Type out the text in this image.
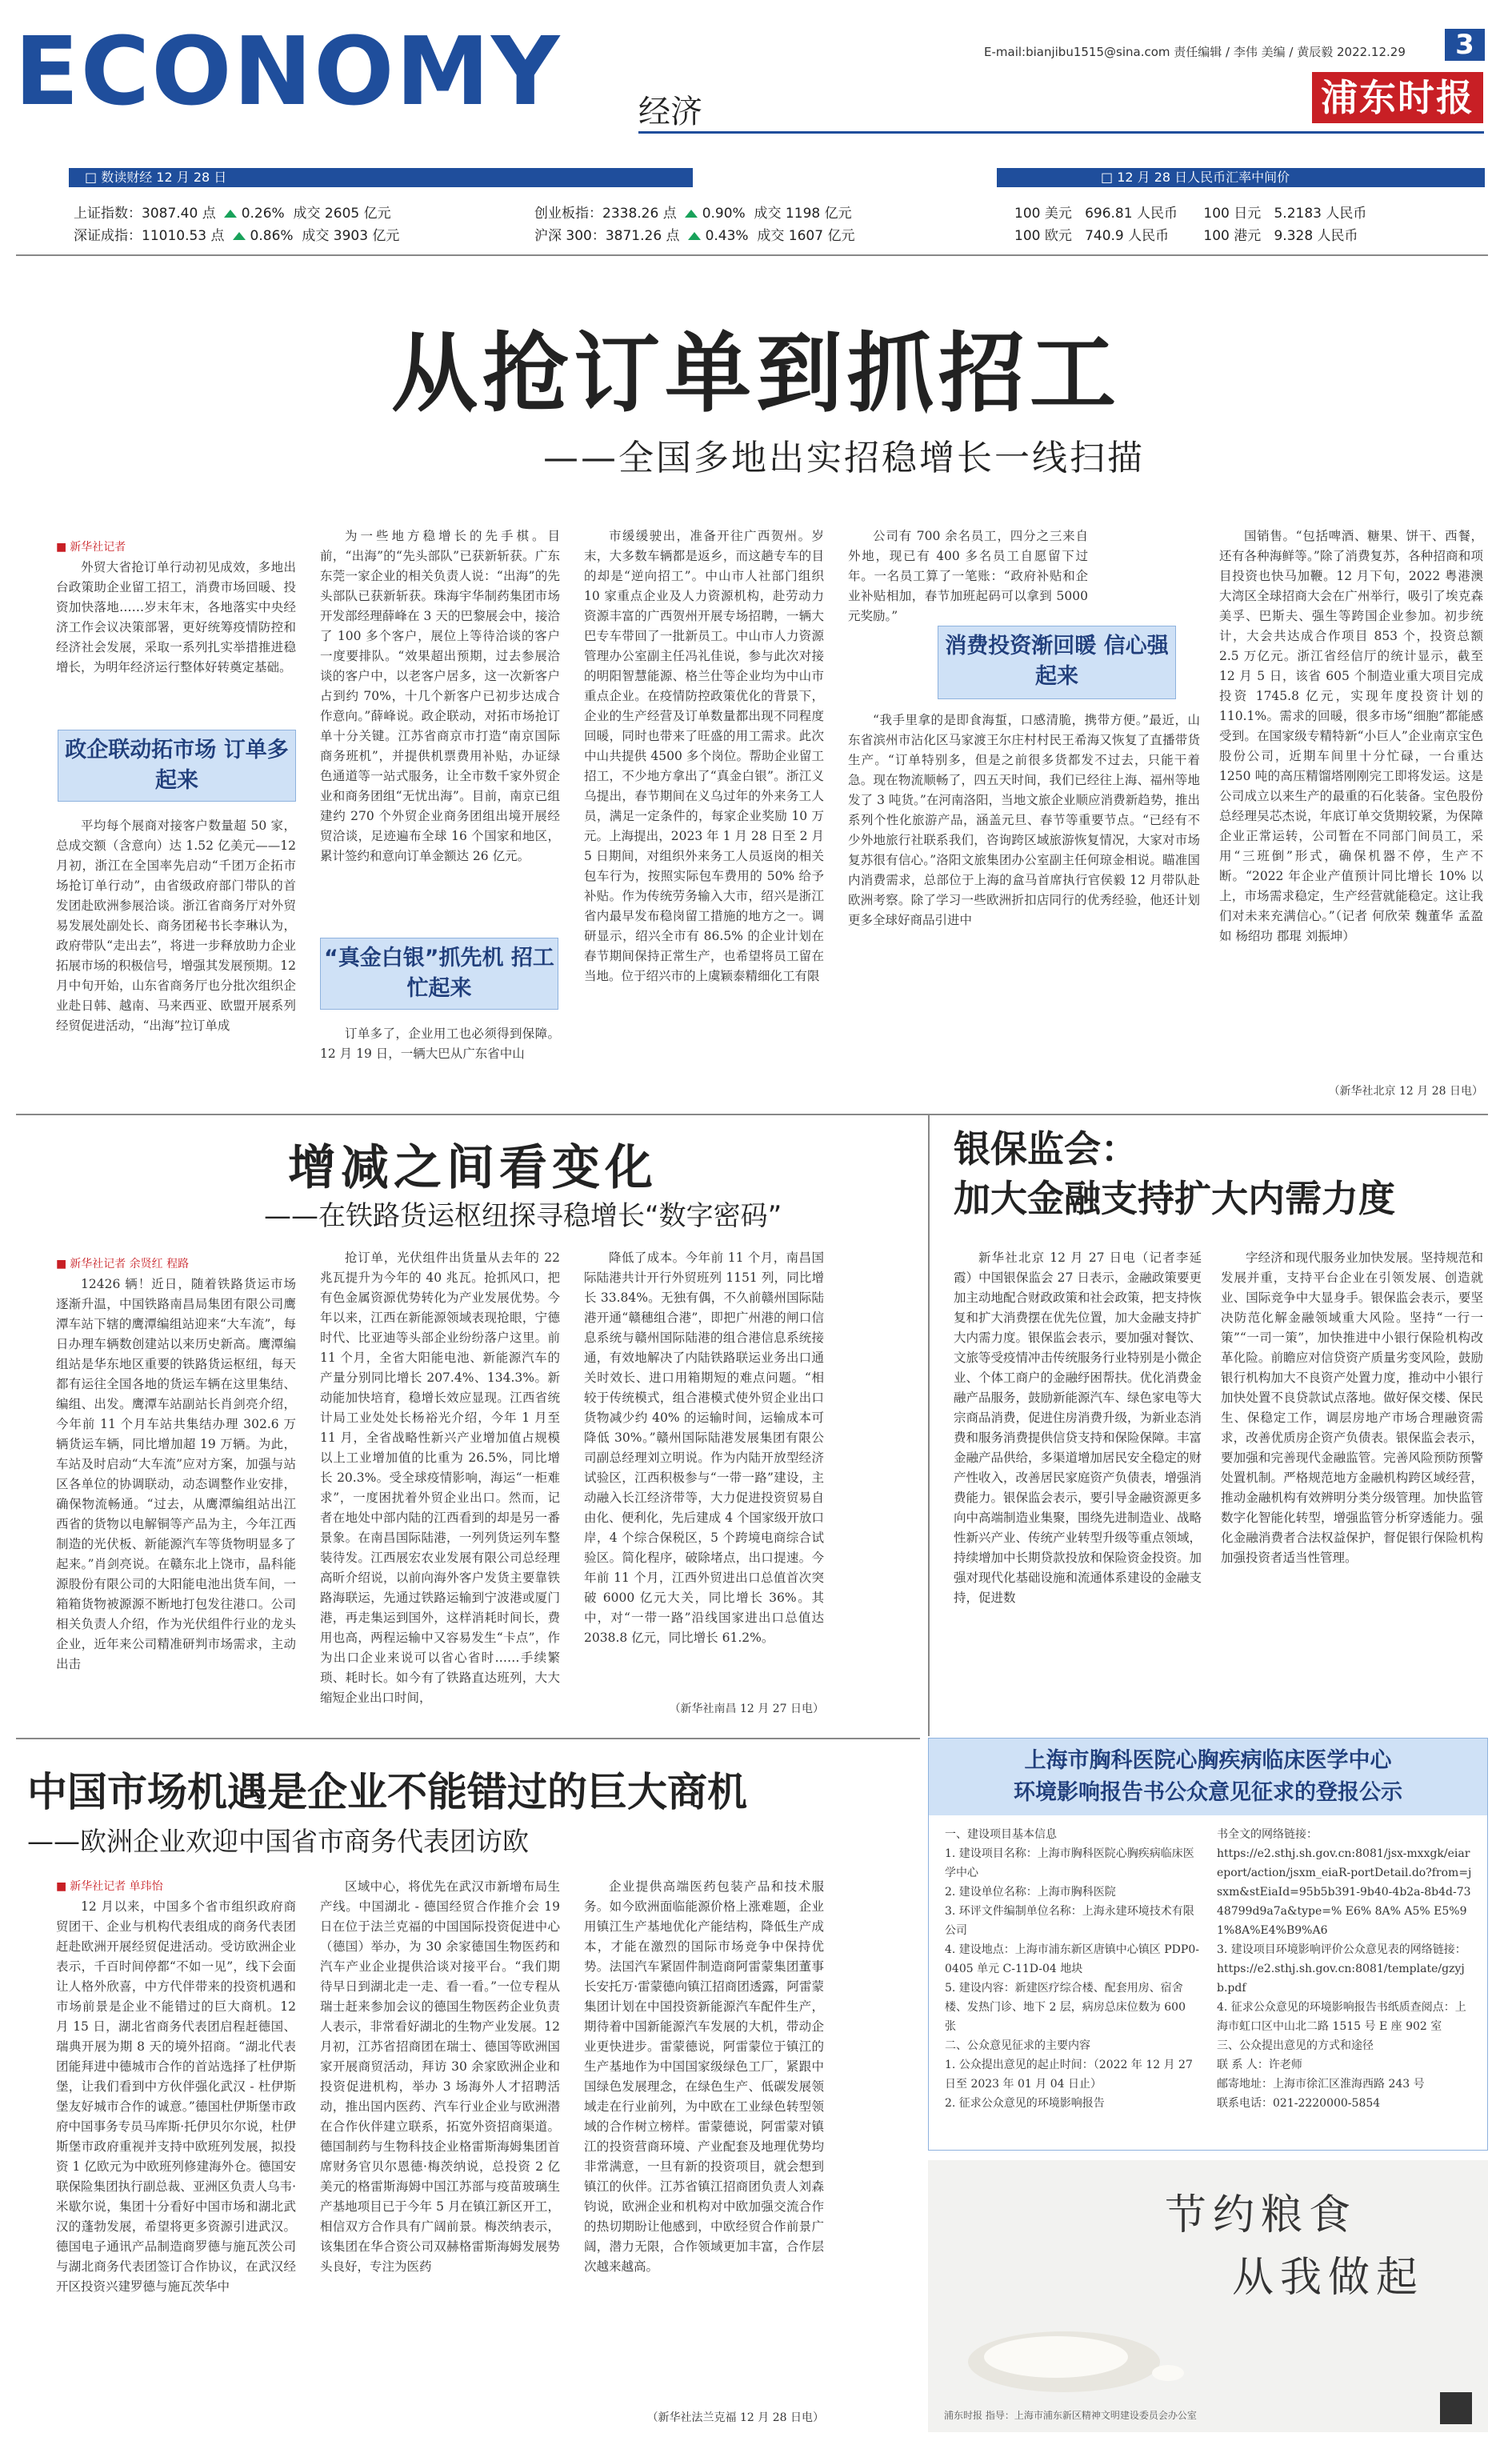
ECONOMY 经济
E-mail:bianjibu1515@sina.com 责任编辑 / 李伟 美编 / 黄辰毅 2022.12.29	3
浦东时报
□ 数读财经 12 月 28 日	□ 12 月 28 日人民币汇率中间价
上证指数：3087.40 点 0.26% 成交 2605 亿元
深证成指：11010.53 点 0.86% 成交 3903 亿元
创业板指：2338.26 点 0.90% 成交 1198 亿元
沪深 300：3871.26 点 0.43% 成交 1607 亿元
100 美元 696.81 人民币 100 日元 5.2183 人民币
100 欧元 740.9 人民币	100 港元 9.328 人民币
从抢订单到抓招工
——全国多地出实招稳增长一线扫描
■ 新华社记者

外贸大省抢订单行动初见成效，多地出台政策助企业留工招工，消费市场回暖、投资加快落地……岁末年末，各地落实中央经济工作会议决策部署，更好统筹疫情防控和经济社会发展，采取一系列扎实举措推进稳增长，为明年经济运行整体好转奠定基础。

政企联动拓市场 订单多起来

平均每个展商对接客户数量超 50 家，总成交额（含意向）达 1.52 亿美元——12 月初，浙江在全国率先启动“千团万企拓市场抢订单行动”，由省级政府部门带队的首发团赴欧洲参展洽谈。浙江省商务厅对外贸易发展处副处长、商务团秘书长李琳认为，政府带队“走出去”，将进一步释放助力企业拓展市场的积极信号，增强其发展预期。12 月中旬开始，山东省商务厅也分批次组织企业赴日韩、越南、马来西亚、欧盟开展系列经贸促进活动，“出海”拉订单成

为一些地方稳增长的先手棋。目前，“出海”的“先头部队”已获新斩获。广东东莞一家企业的相关负责人说：“出海”的先头部队已获新斩获。珠海宇华制药集团市场开发部经理薛峰在 3 天的巴黎展会中，接洽了 100 多个客户，展位上等待洽谈的客户一度要排队。“效果超出预期，过去参展洽谈的客户中，以老客户居多，这一次新客户占到约 70%，十几个新客户已初步达成合作意向。”薛峰说。政企联动，对拓市场抢订单十分关键。江苏省商京市打造“南京国际商务班机”，并提供机票费用补贴，办证绿色通道等一站式服务，让全市数千家外贸企业和商务团组“无忧出海”。目前，南京已组建约 270 个外贸企业商务团组出境开展经贸洽谈，足迹遍布全球 16 个国家和地区，累计签约和意向订单金额达 26 亿元。

“真金白银”抓先机 招工忙起来

订单多了，企业用工也必须得到保障。12 月 19 日，一辆大巴从广东省中山

市缓缓驶出，准备开往广西贺州。岁末，大多数车辆都是返乡，而这趟专车的目的却是“逆向招工”。中山市人社部门组织 10 家重点企业及人力资源机构，赴劳动力资源丰富的广西贺州开展专场招聘，一辆大巴专车带回了一批新员工。中山市人力资源管理办公室副主任冯礼佳说，参与此次对接的明阳智慧能源、格兰仕等企业均为中山市重点企业。在疫情防控政策优化的背景下，企业的生产经营及订单数量都出现不同程度回暖，同时也带来了旺盛的用工需求。此次中山共提供 4500 多个岗位。帮助企业留工招工，不少地方拿出了“真金白银”。浙江义乌提出，春节期间在义乌过年的外来务工人员，满足一定条件的，每家企业奖励 10 万元。上海提出，2023 年 1 月 28 日至 2 月 5 日期间，对组织外来务工人员返岗的相关包车行为，按照实际包车费用的 50% 给予补贴。作为传统劳务输入大市，绍兴是浙江省内最早发布稳岗留工措施的地方之一。调研显示，绍兴全市有 86.5% 的企业计划在春节期间保持正常生产，也希望将员工留在当地。位于绍兴市的上虞颖泰精细化工有限

公司有 700 余名员工，四分之三来自外地，现已有 400 多名员工自愿留下过年。一名员工算了一笔账：“政府补贴和企业补贴相加，春节加班起码可以拿到 5000 元奖励。”

消费投资渐回暖 信心强起来

“我手里拿的是即食海蜇，口感清脆，携带方便。”最近，山东省滨州市沾化区马家渡王尔庄村村民王希海又恢复了直播带货生产。“订单特别多，但是之前很多货都发不过去，只能干着急。现在物流顺畅了，四五天时间，我们已经往上海、福州等地发了 3 吨货。”在河南洛阳，当地文旅企业顺应消费新趋势，推出系列个性化旅游产品，涵盖元旦、春节等重要节点。“已经有不少外地旅行社联系我们，咨询跨区域旅游恢复情况，大家对市场复苏很有信心。”洛阳文旅集团办公室副主任何琼金相说。瞄准国内消费需求，总部位于上海的盒马首席执行官侯毅 12 月带队赴欧洲考察。除了学习一些欧洲折扣店同行的优秀经验，他还计划更多全球好商品引进中

国销售。“包括啤酒、糖果、饼干、西餐，还有各种海鲜等。”除了消费复苏，各种招商和项目投资也快马加鞭。12 月下旬，2022 粤港澳大湾区全球招商大会在广州举行，吸引了埃克森美孚、巴斯夫、强生等跨国企业参加。初步统计，大会共达成合作项目 853 个，投资总额 2.5 万亿元。浙江省经信厅的统计显示，截至 12 月 5 日，该省 605 个制造业重大项目完成投资 1745.8 亿元，实现年度投资计划的 110.1%。需求的回暖，很多市场“细胞”都能感受到。在国家级专精特新“小巨人”企业南京宝色股份公司，近期车间里十分忙碌，一台重达 1250 吨的高压精馏塔刚刚完工即将发运。这是公司成立以来生产的最重的石化装备。宝色股份总经理吴芯杰说，年底订单交货期较紧，为保障企业正常运转，公司暂在不同部门间员工，采用“三班倒”形式，确保机器不停，生产不断。“2022 年企业产值预计同比增长 10% 以上，市场需求稳定，生产经营就能稳定。这让我们对未来充满信心。”（记者 何欣荣 魏董华 孟盈如 杨绍功 郡琨 刘振坤）

（新华社北京 12 月 28 日电）
增减之间看变化
——在铁路货运枢纽探寻稳增长“数字密码”
■ 新华社记者 余贤红 程路

12426 辆！近日，随着铁路货运市场逐渐升温，中国铁路南昌局集团有限公司鹰潭车站下辖的鹰潭编组站迎来“大车流”，每日办理车辆数创建站以来历史新高。鹰潭编组站是华东地区重要的铁路货运枢纽，每天都有运往全国各地的货运车辆在这里集结、编组、出发。鹰潭车站副站长肖剑亮介绍，今年前 11 个月车站共集结办理 302.6 万辆货运车辆，同比增加超 19 万辆。为此，车站及时启动“大车流”应对方案，加强与站区各单位的协调联动，动态调整作业安排，确保物流畅通。“过去，从鹰潭编组站出江西省的货物以电解铜等产品为主，今年江西制造的光伏板、新能源汽车等货物明显多了起来。”肖剑亮说。在赣东北上饶市，晶科能源股份有限公司的大阳能电池出货车间，一箱箱货物被源源不断地打包发往港口。公司相关负责人介绍，作为光伏组件行业的龙头企业，近年来公司精准研判市场需求，主动出击

抢订单，光伏组件出货量从去年的 22 兆瓦提升为今年的 40 兆瓦。抢抓风口，把有色金属资源优势转化为产业发展优势。今年以来，江西在新能源领域表现抢眼，宁德时代、比亚迪等头部企业纷纷落户这里。前 11 个月，全省大阳能电池、新能源汽车的产量分别同比增长 207.4%、134.3%。新动能加快培育，稳增长效应显现。江西省统计局工业处处长杨裕光介绍，今年 1 月至 11 月，全省战略性新兴产业增加值占规模以上工业增加值的比重为 26.5%，同比增长 20.3%。受全球疫情影响，海运“一柜难求”，一度困扰着外贸企业出口。然而，记者在地处中部内陆的江西看到的却是另一番景象。在南昌国际陆港，一列列货运列车整装待发。江西展宏农业发展有限公司总经理高昕介绍说，以前向海外客户发货主要靠铁路海联运，先通过铁路运输到宁波港或厦门港，再走集运到国外，这样消耗时间长，费用也高，两程运输中又容易发生“卡点”，作为出口企业来说可以省心省时……手续繁琐、耗时长。如今有了铁路直达班列，大大缩短企业出口时间，

降低了成本。今年前 11 个月，南昌国际陆港共计开行外贸班列 1151 列，同比增长 33.84%。无独有偶，不久前赣州国际陆港开通“赣穗组合港”，即把广州港的闸口信息系统与赣州国际陆港的组合港信息系统接通，有效地解决了内陆铁路联运业务出口通关时效长、进口用箱期短的难点问题。“相较于传统模式，组合港模式使外贸企业出口货物减少约 40% 的运输时间，运输成本可降低 30%。”赣州国际陆港发展集团有限公司副总经理刘立明说。作为内陆开放型经济试验区，江西积极参与“一带一路”建设，主动融入长江经济带等，大力促进投资贸易自由化、便利化，先后建成 4 个国家级开放口岸，4 个综合保税区，5 个跨境电商综合试验区。简化程序，破除堵点，出口提速。今年前 11 个月，江西外贸进出口总值首次突破 6000 亿元大关，同比增长 36%。其中，对“一带一路”沿线国家进出口总值达 2038.8 亿元，同比增长 61.2%。

（新华社南昌 12 月 27 日电）
银保监会：
加大金融支持扩大内需力度

新华社北京 12 月 27 日电（记者李延霞）中国银保监会 27 日表示，金融政策要更加主动地配合财政政策和社会政策，把支持恢复和扩大消费摆在优先位置，加大金融支持扩大内需力度。银保监会表示，要加强对餐饮、文旅等受疫情冲击传统服务行业特别是小微企业、个体工商户的金融纾困帮扶。优化消费金融产品服务，鼓励新能源汽车、绿色家电等大宗商品消费，促进住房消费升级，为新业态消费和服务消费提供信贷支持和保险保障。丰富金融产品供给，多渠道增加居民安全稳定的财产性收入，改善居民家庭资产负债表，增强消费能力。银保监会表示，要引导金融资源更多向中高端制造业集聚，围绕先进制造业、战略性新兴产业、传统产业转型升级等重点领域，持续增加中长期贷款投放和保险资金投资。加强对现代化基础设施和流通体系建设的金融支持，促进数

字经济和现代服务业加快发展。坚持规范和发展并重，支持平台企业在引领发展、创造就业、国际竞争中大显身手。银保监会表示，要坚决防范化解金融领域重大风险。坚持“一行一策”“一司一策”，加快推进中小银行保险机构改革化险。前瞻应对信贷资产质量劣变风险，鼓励银行机构加大不良资产处置力度，推动中小银行加快处置不良贷款试点落地。做好保交楼、保民生、保稳定工作，调层房地产市场合理融资需求，改善优质房企资产负债表。银保监会表示，要加强和完善现代金融监管。完善风险预防预警处置机制。严格规范地方金融机构跨区域经营，推动金融机构有效辨明分类分级管理。加快监管数字化智能化转型，增强监管分析穿透能力。强化金融消费者合法权益保护，督促银行保险机构加强投资者适当性管理。

中国市场机遇是企业不能错过的巨大商机
——欧洲企业欢迎中国省市商务代表团访欧
■ 新华社记者 单玮怡

12 月以来，中国多个省市组织政府商贸团干、企业与机构代表组成的商务代表团赶赴欧洲开展经贸促进活动。受访欧洲企业表示，千百时间停都“不如一见”，线下会面让人格外欣喜，中方代伴带来的投资机遇和市场前景是企业不能错过的巨大商机。12 月 15 日，湖北省商务代表团启程赶德国、瑞典开展为期 8 天的境外招商。“湖北代表团能拜进中德城市合作的首站选择了杜伊斯堡，让我们看到中方伙伴强化武汉 - 杜伊斯堡友好城市合作的诚意。”德国杜伊斯堡市政府中国事务专员马库斯·托伊贝尔尔说，杜伊斯堡市政府重视并支持中欧班列发展，拟投资 1 亿欧元为中欧班列修建海外仓。德国安联保险集团执行副总裁、亚洲区负责人乌韦·米歇尔说，集团十分看好中国市场和湖北武汉的蓬勃发展，希望将更多资源引进武汉。德国电子通讯产品制造商罗德与施瓦茨公司与湖北商务代表团签订合作协议，在武汉经开区投资兴建罗德与施瓦茨华中

区域中心，将优先在武汉市新增布局生产线。中国湖北 - 德国经贸合作推介会 19 日在位于法兰克福的中国国际投资促进中心（德国）举办，为 30 余家德国生物医药和汽车产业企业提供洽谈对接平台。“我们期待早日到湖北走一走、看一看。”一位专程从瑞士赶来参加会议的德国生物医药企业负责人表示，非常看好湖北的生物产业发展。12 月初，江苏省招商团在瑞士、德国等欧洲国家开展商贸活动，拜访 30 余家欧洲企业和投资促进机构，举办 3 场海外人才招聘活动，推出国内医药、汽车行业企业与欧洲潜在合作伙伴建立联系，拓宽外资招商渠道。德国制药与生物科技企业格雷斯海姆集团首席财务官贝尔恩德·梅茨纳说，总投资 2 亿美元的格雷斯海姆中国江苏部与疫苗玻璃生产基地项目已于今年 5 月在镇江新区开工，相信双方合作具有广阔前景。梅茨纳表示，该集团在华合资公司双赫格雷斯海姆发展势头良好，专注为医药

企业提供高端医药包装产品和技术服务。如今欧洲面临能源价格上涨难题，企业用镇江生产基地优化产能结构，降低生产成本，才能在激烈的国际市场竞争中保持优势。法国汽车紧固件制造商阿雷蒙集团董事长安托万·雷蒙德向镇江招商团透露，阿雷蒙集团计划在中国投资新能源汽车配件生产，期待着中国新能源汽车发展的大机，带动企业更快进步。雷蒙德说，阿雷蒙位于镇江的生产基地作为中国国家级绿色工厂，紧跟中国绿色发展理念，在绿色生产、低碳发展领域走在行业前列，为中欧在工业绿色转型领域的合作树立榜样。雷蒙德说，阿雷蒙对镇江的投资营商环境、产业配套及地理优势均非常满意，一旦有新的投资项目，就会想到镇江的伙伴。江苏省镇江招商团负责人刘森钧说，欧洲企业和机构对中欧加强交流合作的热切期盼让他感到，中欧经贸合作前景广阔，潜力无限，合作领域更加丰富，合作层次越来越高。

（新华社法兰克福 12 月 28 日电）
上海市胸科医院心胸疾病临床医学中心
环境影响报告书公众意见征求的登报公示

一、建设项目基本信息

1. 建设项目名称：上海市胸科医院心胸疾病临床医学中心

2. 建设单位名称：上海市胸科医院

3. 环评文件编制单位名称：上海永建环境技术有限公司

4. 建设地点：上海市浦东新区唐镇中心镇区 PDP0-0405 单元 C-11D-04 地块

5. 建设内容：新建医疗综合楼、配套用房、宿舍楼、发热门诊、地下 2 层，病房总床位数为 600 张

二、公众意见征求的主要内容

1. 公众提出意见的起止时间：（2022 年 12 月 27 日至 2023 年 01 月 04 日止）

2. 征求公众意见的环境影响报告

书全文的网络链接：

https://e2.sthj.sh.gov.cn:8081/jsx-mxxgk/eiareport/action/jsxm_eiaR-portDetail.do?from=jsxm&stEiaId=95b5b391-9b40-4b2a-8b4d-7348799d9a7a&type=% E6% 8A% A5% E5%91%8A%E4%B9%A6

3. 建设项目环境影响评价公众意见表的网络链接：https://e2.sthj.sh.gov.cn:8081/template/gzyjb.pdf

4. 征求公众意见的环境影响报告书纸质查阅点：上海市虹口区中山北二路 1515 号 E 座 902 室

三、公众提出意见的方式和途径

联 系 人：许老师

邮寄地址：上海市徐汇区淮海西路 243 号

联系电话：021-2220000-5854

节约粮食
从我做起
浦东时报 指导：上海市浦东新区精神文明建设委员会办公室
